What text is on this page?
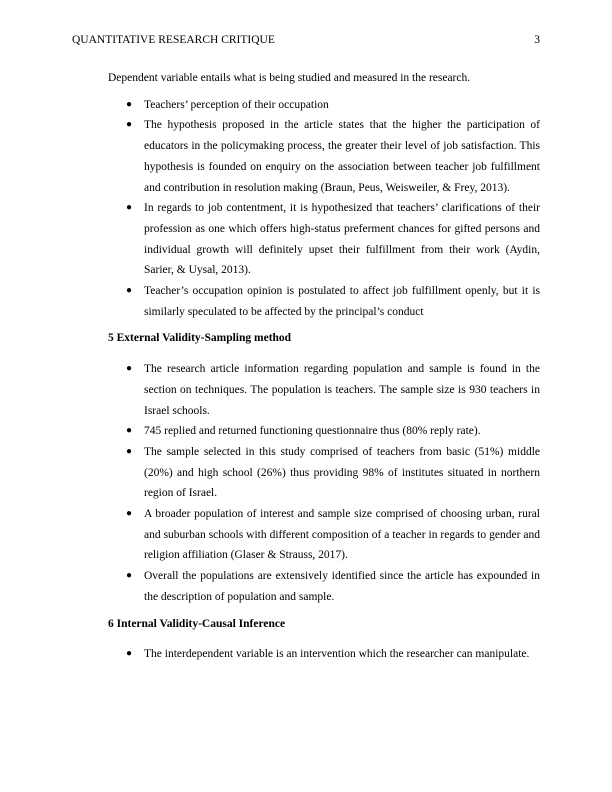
QUANTITATIVE RESEARCH CRITIQUE	3

Dependent variable entails what is being studied and measured in the research.

●	Teachers’ perception of their occupation
●	The hypothesis proposed in the article states that the higher the participation of educators in the policymaking process, the greater their level of job satisfaction. This hypothesis is founded on enquiry on the association between teacher job fulfillment and contribution in resolution making (Braun, Peus, Weisweiler, & Frey, 2013).
●	In regards to job contentment, it is hypothesized that teachers’ clarifications of their profession as one which offers high-status preferment chances for gifted persons and individual growth will definitely upset their fulfillment from their work (Aydin, Sarier, & Uysal, 2013).
●	Teacher’s occupation opinion is postulated to affect job fulfillment openly, but it is similarly speculated to be affected by the principal’s conduct
5 External Validity-Sampling method
●	The research article information regarding population and sample is found in the section on techniques. The population is teachers. The sample size is 930 teachers in Israel schools.
●	745 replied and returned functioning questionnaire thus (80% reply rate).
●	The sample selected in this study comprised of teachers from basic (51%) middle (20%) and high school (26%) thus providing 98% of institutes situated in northern region of Israel.
●	A broader population of interest and sample size comprised of choosing urban, rural and suburban schools with different composition of a teacher in regards to gender and religion affiliation (Glaser & Strauss, 2017).
●	Overall the populations are extensively identified since the article has expounded in the description of population and sample.
6 Internal Validity-Causal Inference
●	The interdependent variable is an intervention which the researcher can manipulate.
